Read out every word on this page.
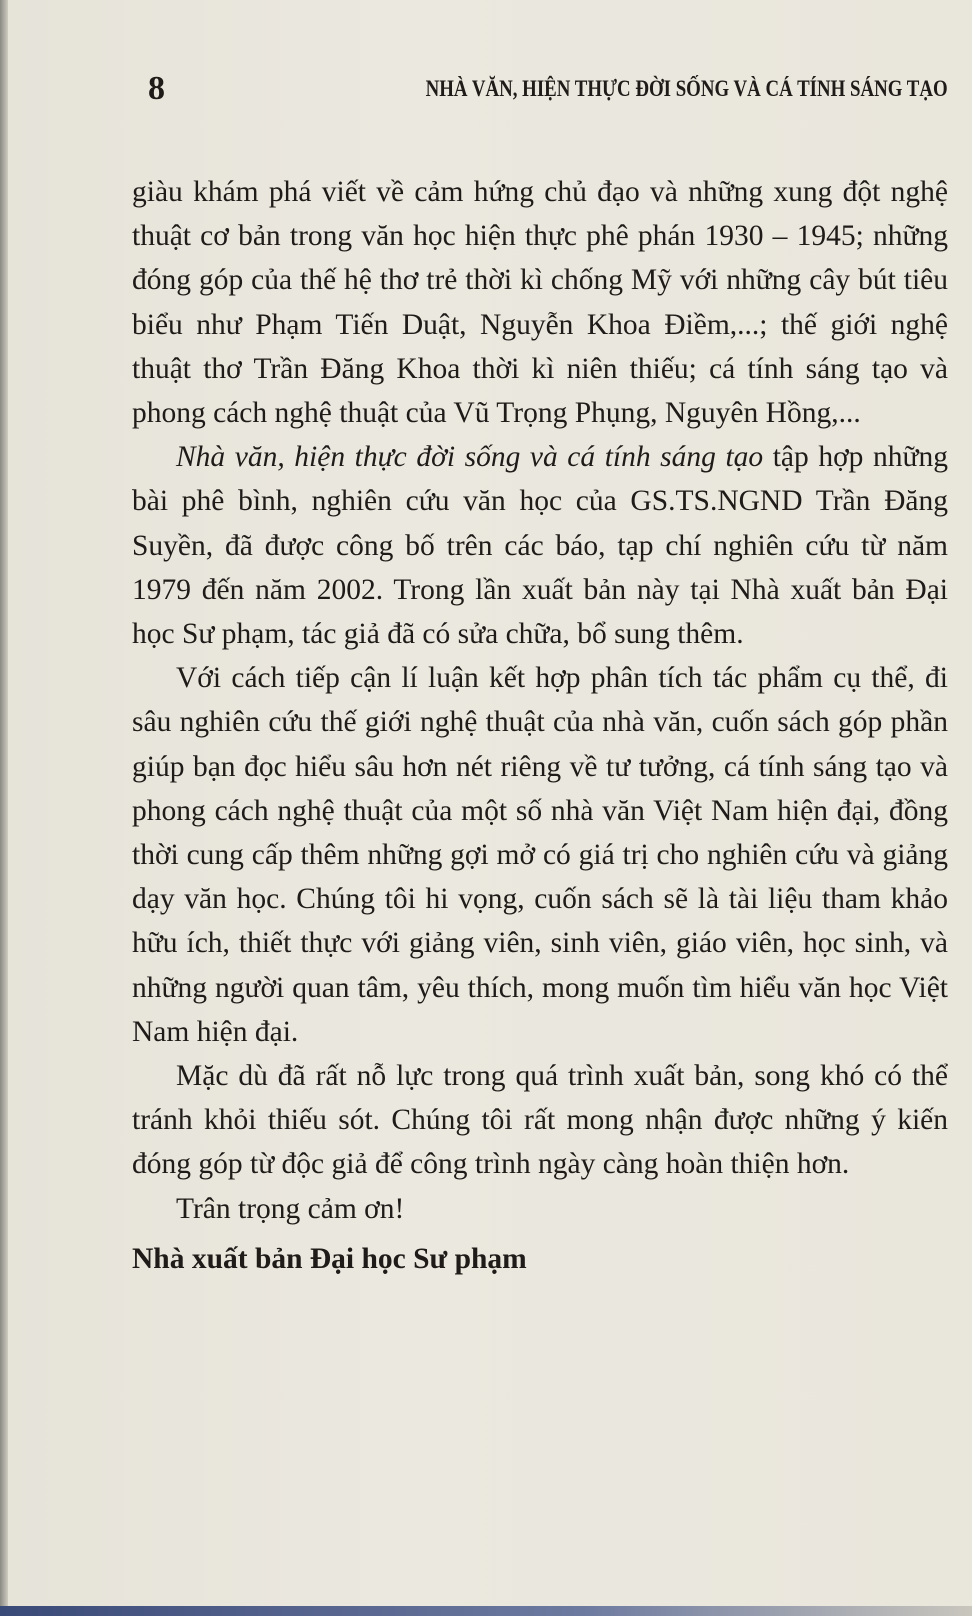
8	NHÀ VĂN, HIỆN THỰC ĐỜI SỐNG VÀ CÁ TÍNH SÁNG TẠO

giàu khám phá viết về cảm hứng chủ đạo và những xung đột nghệ thuật cơ bản trong văn học hiện thực phê phán 1930 – 1945; những đóng góp của thế hệ thơ trẻ thời kì chống Mỹ với những cây bút tiêu biểu như Phạm Tiến Duật, Nguyễn Khoa Điềm,...; thế giới nghệ thuật thơ Trần Đăng Khoa thời kì niên thiếu; cá tính sáng tạo và phong cách nghệ thuật của Vũ Trọng Phụng, Nguyên Hồng,...

Nhà văn, hiện thực đời sống và cá tính sáng tạo tập hợp những bài phê bình, nghiên cứu văn học của GS.TS.NGND Trần Đăng Suyền, đã được công bố trên các báo, tạp chí nghiên cứu từ năm 1979 đến năm 2002. Trong lần xuất bản này tại Nhà xuất bản Đại học Sư phạm, tác giả đã có sửa chữa, bổ sung thêm.

Với cách tiếp cận lí luận kết hợp phân tích tác phẩm cụ thể, đi sâu nghiên cứu thế giới nghệ thuật của nhà văn, cuốn sách góp phần giúp bạn đọc hiểu sâu hơn nét riêng về tư tưởng, cá tính sáng tạo và phong cách nghệ thuật của một số nhà văn Việt Nam hiện đại, đồng thời cung cấp thêm những gợi mở có giá trị cho nghiên cứu và giảng dạy văn học. Chúng tôi hi vọng, cuốn sách sẽ là tài liệu tham khảo hữu ích, thiết thực với giảng viên, sinh viên, giáo viên, học sinh, và những người quan tâm, yêu thích, mong muốn tìm hiểu văn học Việt Nam hiện đại.

Mặc dù đã rất nỗ lực trong quá trình xuất bản, song khó có thể tránh khỏi thiếu sót. Chúng tôi rất mong nhận được những ý kiến đóng góp từ độc giả để công trình ngày càng hoàn thiện hơn.

Trân trọng cảm ơn!

Nhà xuất bản Đại học Sư phạm
